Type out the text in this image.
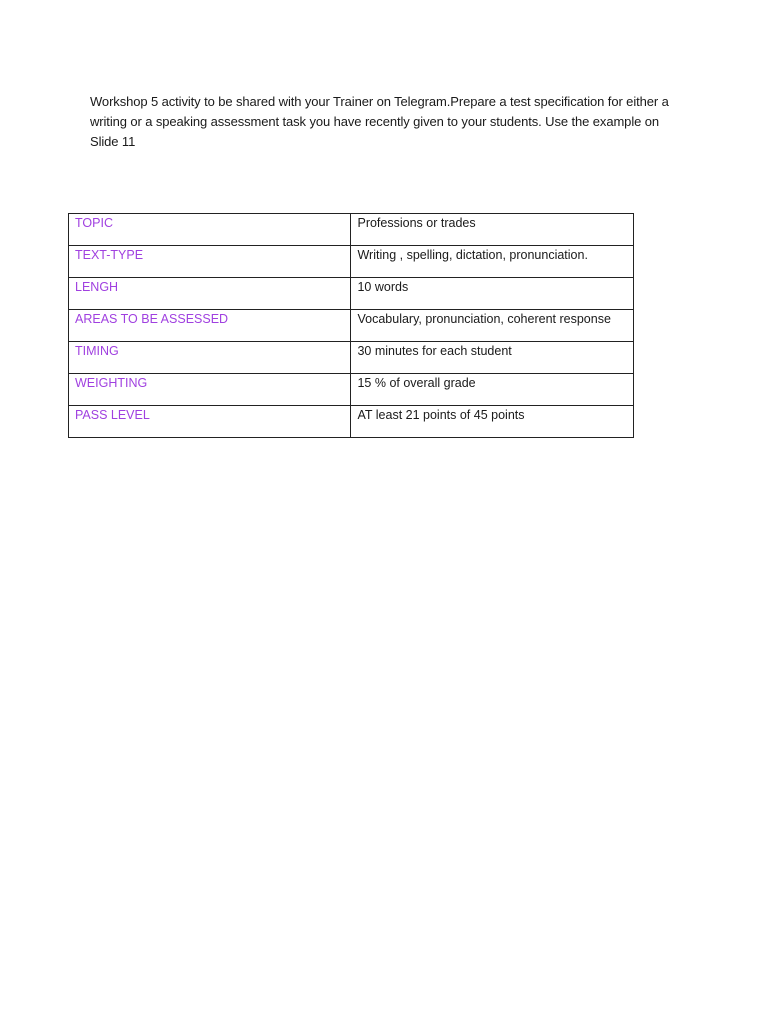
Workshop 5 activity to be shared with your Trainer on Telegram.Prepare a test specification for either a writing or a speaking assessment task you have recently given to your students. Use the example on Slide 11

TOPIC	Professions or trades
TEXT-TYPE	Writing , spelling, dictation, pronunciation.
LENGH	10 words
AREAS TO BE ASSESSED	Vocabulary, pronunciation, coherent response
TIMING	30 minutes for each student
WEIGHTING	15 % of overall grade
PASS LEVEL	AT least 21 points of 45 points
